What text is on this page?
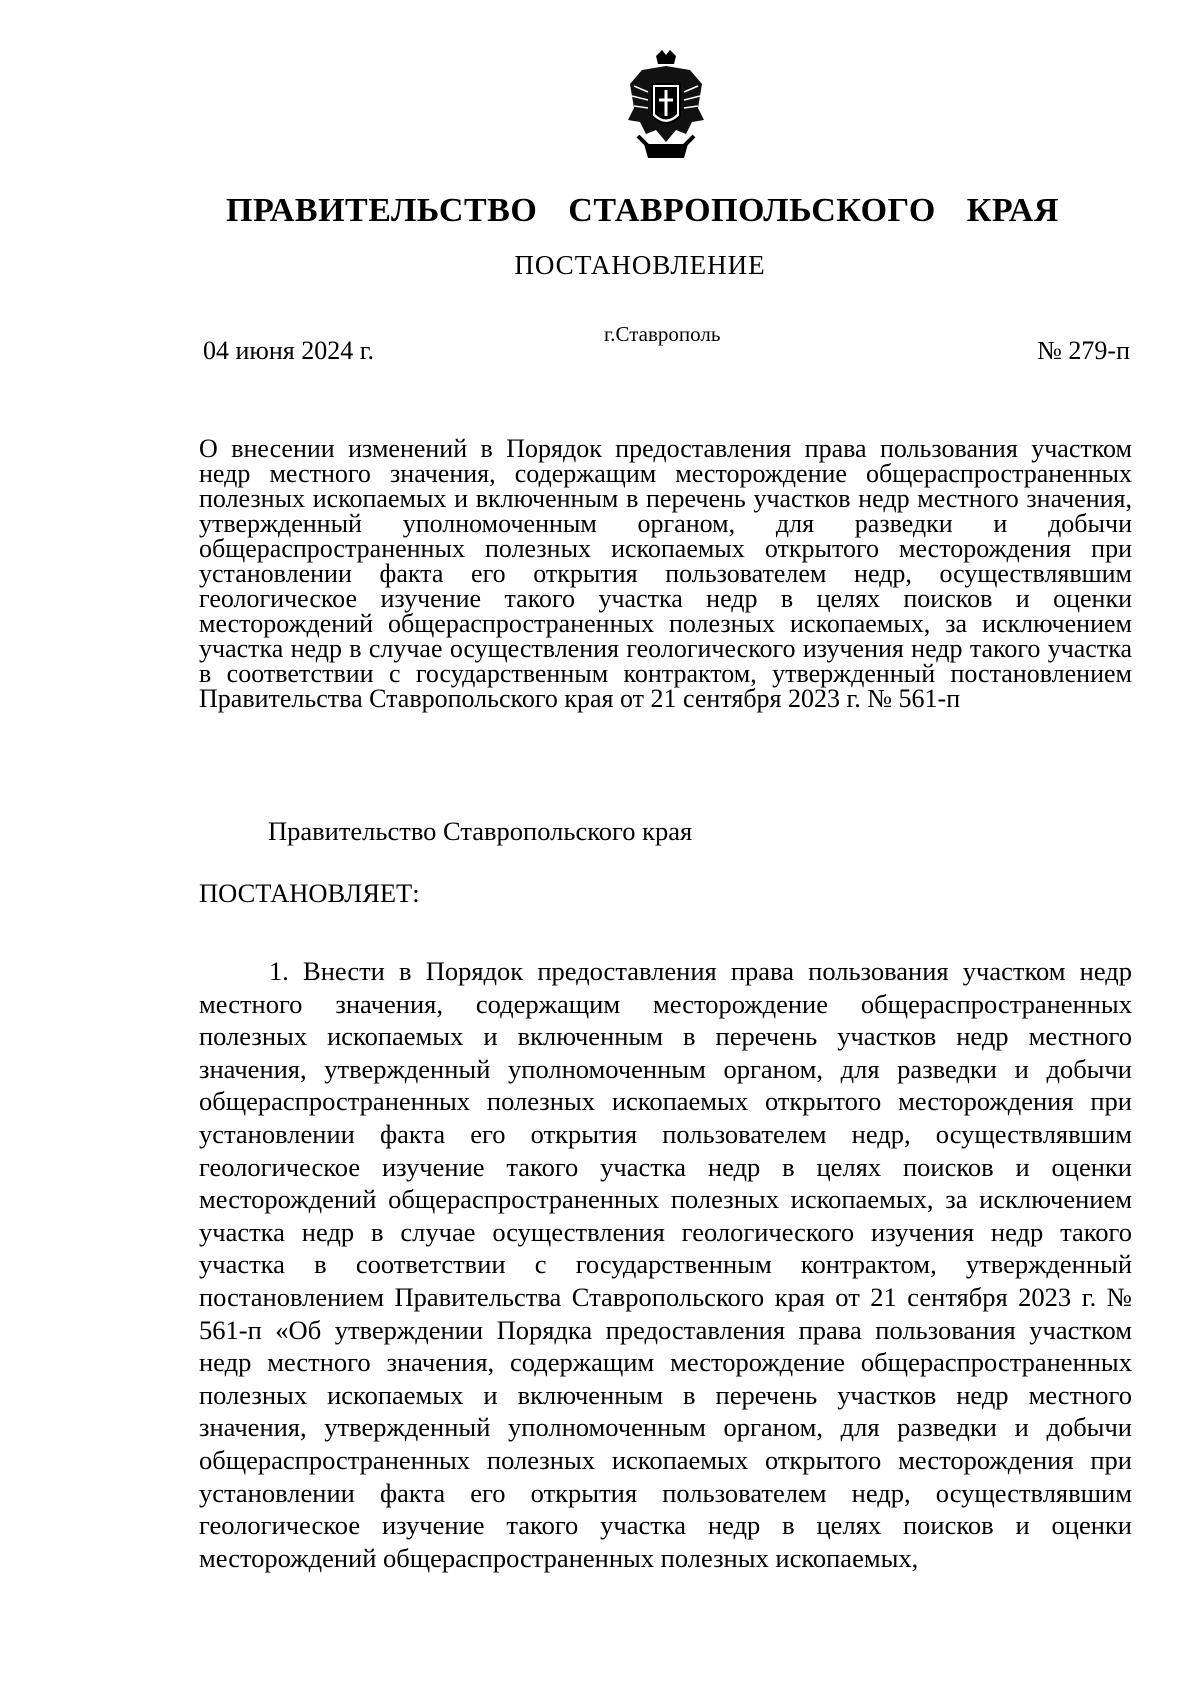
ПРАВИТЕЛЬСТВО СТАВРОПОЛЬСКОГО КРАЯ
ПОСТАНОВЛЕНИЕ
04 июня 2024 г.
г.Ставрополь
№ 279-п

О внесении изменений в Порядок предоставления права пользования участком недр местного значения, содержащим месторождение общераспространенных полезных ископаемых и включенным в перечень участков недр местного значения, утвержденный уполномоченным органом, для разведки и добычи общераспространенных полезных ископаемых открытого месторождения при установлении факта его открытия пользователем недр, осуществлявшим геологическое изучение такого участка недр в целях поисков и оценки месторождений общераспространенных полезных ископаемых, за исключением участка недр в случае осуществления геологического изучения недр такого участка в соответствии с государственным контрактом, утвержденный постановлением Правительства Ставропольского края от 21 сентября 2023 г. № 561-п

Правительство Ставропольского края

ПОСТАНОВЛЯЕТ:

1. Внести в Порядок предоставления права пользования участком недр местного значения, содержащим месторождение общераспространенных полезных ископаемых и включенным в перечень участков недр местного значения, утвержденный уполномоченным органом, для разведки и добычи общераспространенных полезных ископаемых открытого месторождения при установлении факта его открытия пользователем недр, осуществлявшим геологическое изучение такого участка недр в целях поисков и оценки месторождений общераспространенных полезных ископаемых, за исключением участка недр в случае осуществления геологического изучения недр такого участка в соответствии с государственным контрактом, утвержденный постановлением Правительства Ставропольского края от 21 сентября 2023 г. № 561-п «Об утверждении Порядка предоставления права пользования участком недр местного значения, содержащим месторождение общераспространенных полезных ископаемых и включенным в перечень участков недр местного значения, утвержденный уполномоченным органом, для разведки и добычи общераспространенных полезных ископаемых открытого месторождения при установлении факта его открытия пользователем недр, осуществлявшим геологическое изучение такого участка недр в целях поисков и оценки месторождений общераспространенных полезных ископаемых,
